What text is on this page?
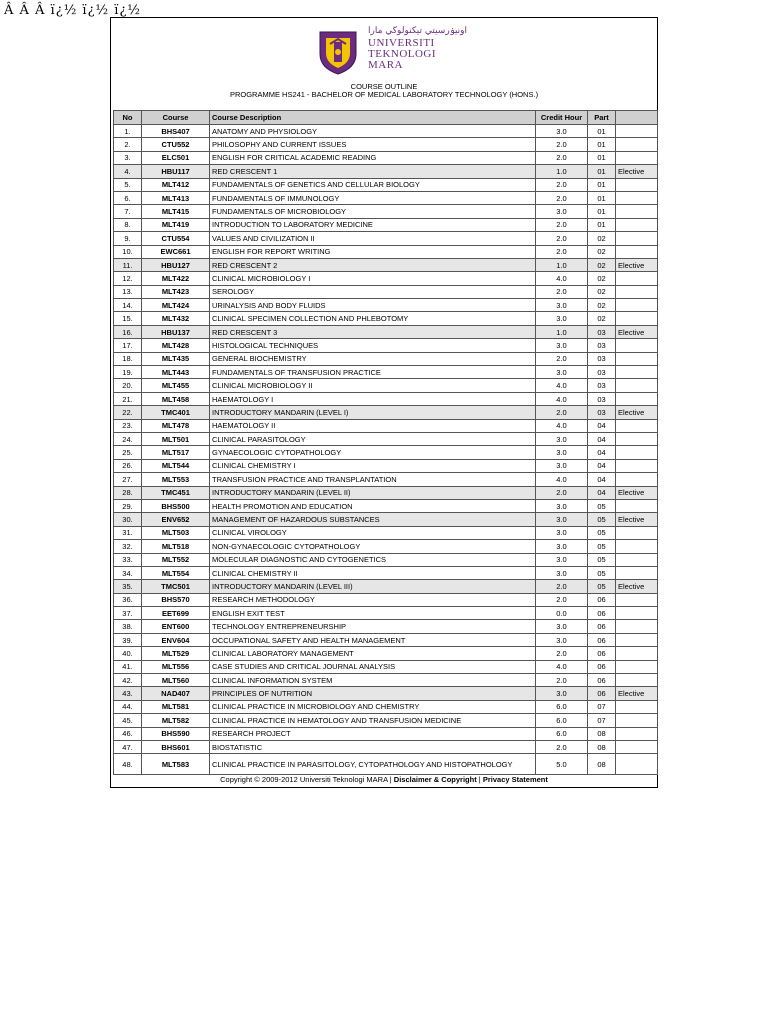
Â Â Â ï¿½ ï¿½ ï¿½
اونيۏرسيتي تيكنولوڬي مارا
UNIVERSITI
TEKNOLOGI
MARA
COURSE OUTLINE
PROGRAMME HS241 - BACHELOR OF MEDICAL LABORATORY TECHNOLOGY (HONS.)
No	Course	Course Description	Credit Hour	Part	
1.	BHS407	ANATOMY AND PHYSIOLOGY	3.0	01	
2.	CTU552	PHILOSOPHY AND CURRENT ISSUES	2.0	01	
3.	ELC501	ENGLISH FOR CRITICAL ACADEMIC READING	2.0	01	
4.	HBU117	RED CRESCENT 1	1.0	01	Elective
5.	MLT412	FUNDAMENTALS OF GENETICS AND CELLULAR BIOLOGY	2.0	01	
6.	MLT413	FUNDAMENTALS OF IMMUNOLOGY	2.0	01	
7.	MLT415	FUNDAMENTALS OF MICROBIOLOGY	3.0	01	
8.	MLT419	INTRODUCTION TO LABORATORY MEDICINE	2.0	01	
9.	CTU554	VALUES AND CIVILIZATION II	2.0	02	
10.	EWC661	ENGLISH FOR REPORT WRITING	2.0	02	
11.	HBU127	RED CRESCENT 2	1.0	02	Elective
12.	MLT422	CLINICAL MICROBIOLOGY I	4.0	02	
13.	MLT423	SEROLOGY	2.0	02	
14.	MLT424	URINALYSIS AND BODY FLUIDS	3.0	02	
15.	MLT432	CLINICAL SPECIMEN COLLECTION AND PHLEBOTOMY	3.0	02	
16.	HBU137	RED CRESCENT 3	1.0	03	Elective
17.	MLT428	HISTOLOGICAL TECHNIQUES	3.0	03	
18.	MLT435	GENERAL BIOCHEMISTRY	2.0	03	
19.	MLT443	FUNDAMENTALS OF TRANSFUSION PRACTICE	3.0	03	
20.	MLT455	CLINICAL MICROBIOLOGY II	4.0	03	
21.	MLT458	HAEMATOLOGY I	4.0	03	
22.	TMC401	INTRODUCTORY MANDARIN (LEVEL I)	2.0	03	Elective
23.	MLT478	HAEMATOLOGY II	4.0	04	
24.	MLT501	CLINICAL PARASITOLOGY	3.0	04	
25.	MLT517	GYNAECOLOGIC CYTOPATHOLOGY	3.0	04	
26.	MLT544	CLINICAL CHEMISTRY I	3.0	04	
27.	MLT553	TRANSFUSION PRACTICE AND TRANSPLANTATION	4.0	04	
28.	TMC451	INTRODUCTORY MANDARIN (LEVEL II)	2.0	04	Elective
29.	BHS500	HEALTH PROMOTION AND EDUCATION	3.0	05	
30.	ENV652	MANAGEMENT OF HAZARDOUS SUBSTANCES	3.0	05	Elective
31.	MLT503	CLINICAL VIROLOGY	3.0	05	
32.	MLT518	NON-GYNAECOLOGIC CYTOPATHOLOGY	3.0	05	
33.	MLT552	MOLECULAR DIAGNOSTIC AND CYTOGENETICS	3.0	05	
34.	MLT554	CLINICAL CHEMISTRY II	3.0	05	
35.	TMC501	INTRODUCTORY MANDARIN (LEVEL III)	2.0	05	Elective
36.	BHS570	RESEARCH METHODOLOGY	2.0	06	
37.	EET699	ENGLISH EXIT TEST	0.0	06	
38.	ENT600	TECHNOLOGY ENTREPRENEURSHIP	3.0	06	
39.	ENV604	OCCUPATIONAL SAFETY AND HEALTH MANAGEMENT	3.0	06	
40.	MLT529	CLINICAL LABORATORY MANAGEMENT	2.0	06	
41.	MLT556	CASE STUDIES AND CRITICAL JOURNAL ANALYSIS	4.0	06	
42.	MLT560	CLINICAL INFORMATION SYSTEM	2.0	06	
43.	NAD407	PRINCIPLES OF NUTRITION	3.0	06	Elective
44.	MLT581	CLINICAL PRACTICE IN MICROBIOLOGY AND CHEMISTRY	6.0	07	
45.	MLT582	CLINICAL PRACTICE IN HEMATOLOGY AND TRANSFUSION MEDICINE	6.0	07	
46.	BHS590	RESEARCH PROJECT	6.0	08	
47.	BHS601	BIOSTATISTIC	2.0	08	
48.	MLT583	CLINICAL PRACTICE IN PARASITOLOGY, CYTOPATHOLOGY AND HISTOPATHOLOGY	5.0	08	
Copyright © 2009-2012 Universiti Teknologi MARA | Disclaimer & Copyright | Privacy Statement
